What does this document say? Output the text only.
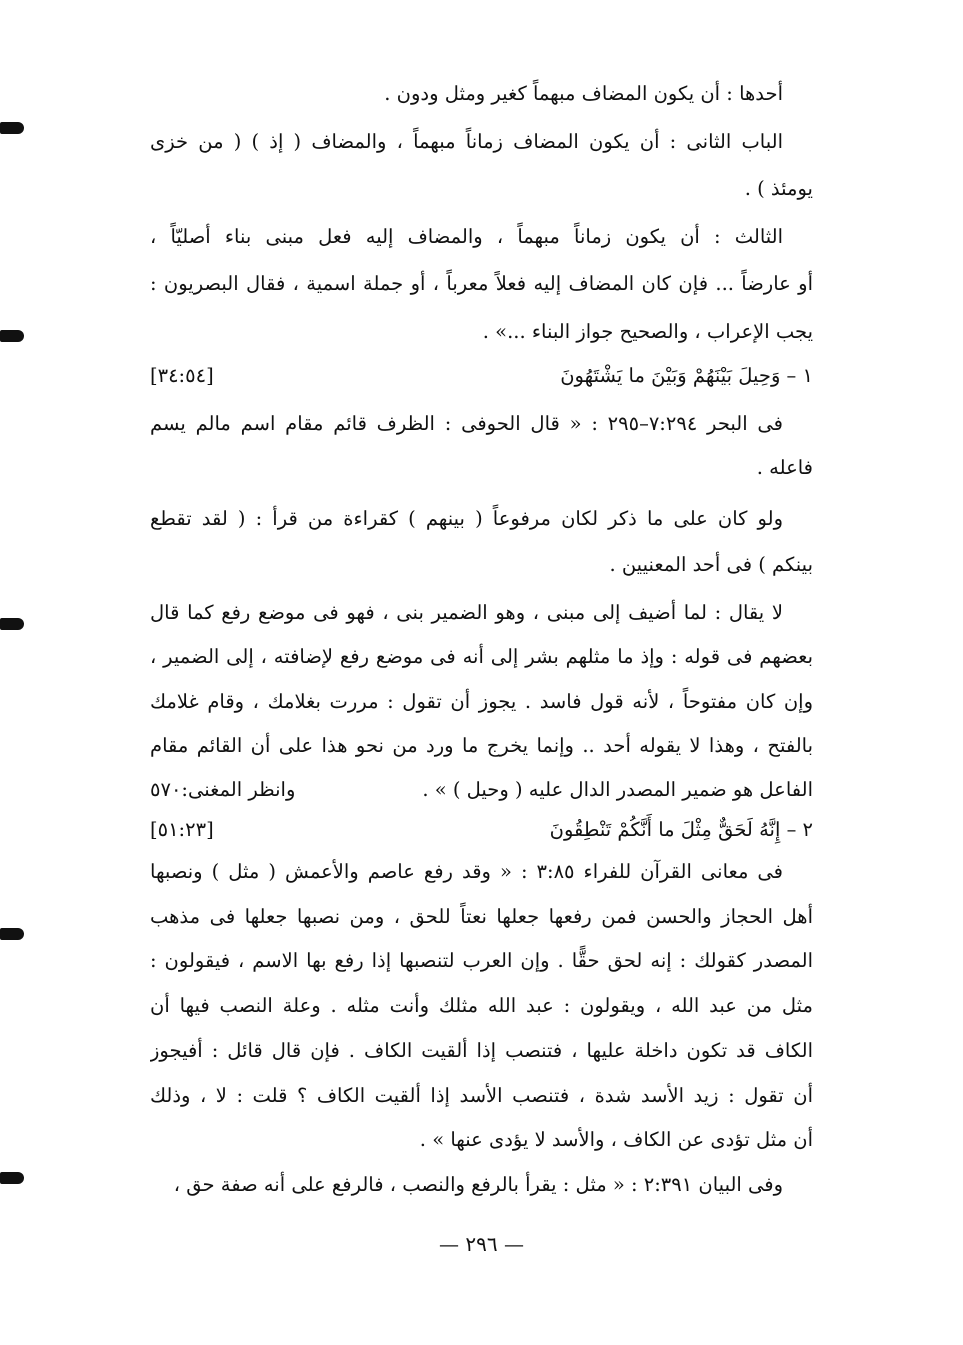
أحدها : أن يكون المضاف مبهماً كغير ومثل ودون .
الباب الثانى : أن يكون المضاف زماناً مبهماً ، والمضاف ( إذ ) ( من خزى
يومئذ ) .
الثالث : أن يكون زماناً مبهماً ، والمضاف إليه فعل مبنى بناء أصليّاً ،
أو عارضاً ... فإن كان المضاف إليه فعلاً معرباً ، أو جملة اسمية ، فقال البصريون :
يجب الإعراب ، والصحيح جواز البناء ...» .
١ – وَحِيلَ بَيْنَهُمْ وَبَيْنَ ما يَشْتَهُونَ
[٣٤:٥٤]
فى البحر ٧:٢٩٤–٢٩٥ : « قال الحوفى : الظرف قائم مقام اسم مالم يسم
فاعله .
ولو كان على ما ذكر لكان مرفوعاً ( بينهم ) كقراءة من قرأ : ( لقد تقطع
بينكم ) فى أحد المعنيين .
لا يقال : لما أضيف إلى مبنى ، وهو الضمير بنى ، فهو فى موضع رفع كما قال
بعضهم فى قوله : وإذ ما مثلهم بشر إلى أنه فى موضع رفع لإضافته ، إلى الضمير ،
وإن كان مفتوحاً ، لأنه قول فاسد . يجوز أن تقول : مررت بغلامك ، وقام غلامك
بالفتح ، وهذا لا يقوله أحد .. وإنما يخرج ما ورد من نحو هذا على أن القائم مقام
الفاعل هو ضمير المصدر الدال عليه ( وحيل ) » .
وانظر المغنى:٥٧٠
٢ – إِنَّهُ لَحَقٌّ مِثْلَ ما أَنَّكُمْ تَنْطِقُونَ
[٥١:٢٣]
فى معانى القرآن للفراء ٣:٨٥ : « وقد رفع عاصم والأعمش ( مثل ) ونصبها
أهل الحجاز والحسن فمن رفعها جعلها نعتاً للحق ، ومن نصبها جعلها فى مذهب
المصدر كقولك : إنه لحق حقًّا . وإن العرب لتنصبها إذا رفع بها الاسم ، فيقولون :
مثل من عبد الله ، ويقولون : عبد الله مثلك وأنت مثله . وعلة النصب فيها أن
الكاف قد تكون داخلة عليها ، فتنصب إذا ألقيت الكاف . فإن قال قائل : أفيجوز
أن تقول : زيد الأسد شدة ، فتنصب الأسد إذا ألقيت الكاف ؟ قلت : لا ، وذلك
أن مثل تؤدى عن الكاف ، والأسد لا يؤدى عنها » .
وفى البيان ٢:٣٩١ : « مثل : يقرأ بالرفع والنصب ، فالرفع على أنه صفة حق ،
— ٢٩٦ —
